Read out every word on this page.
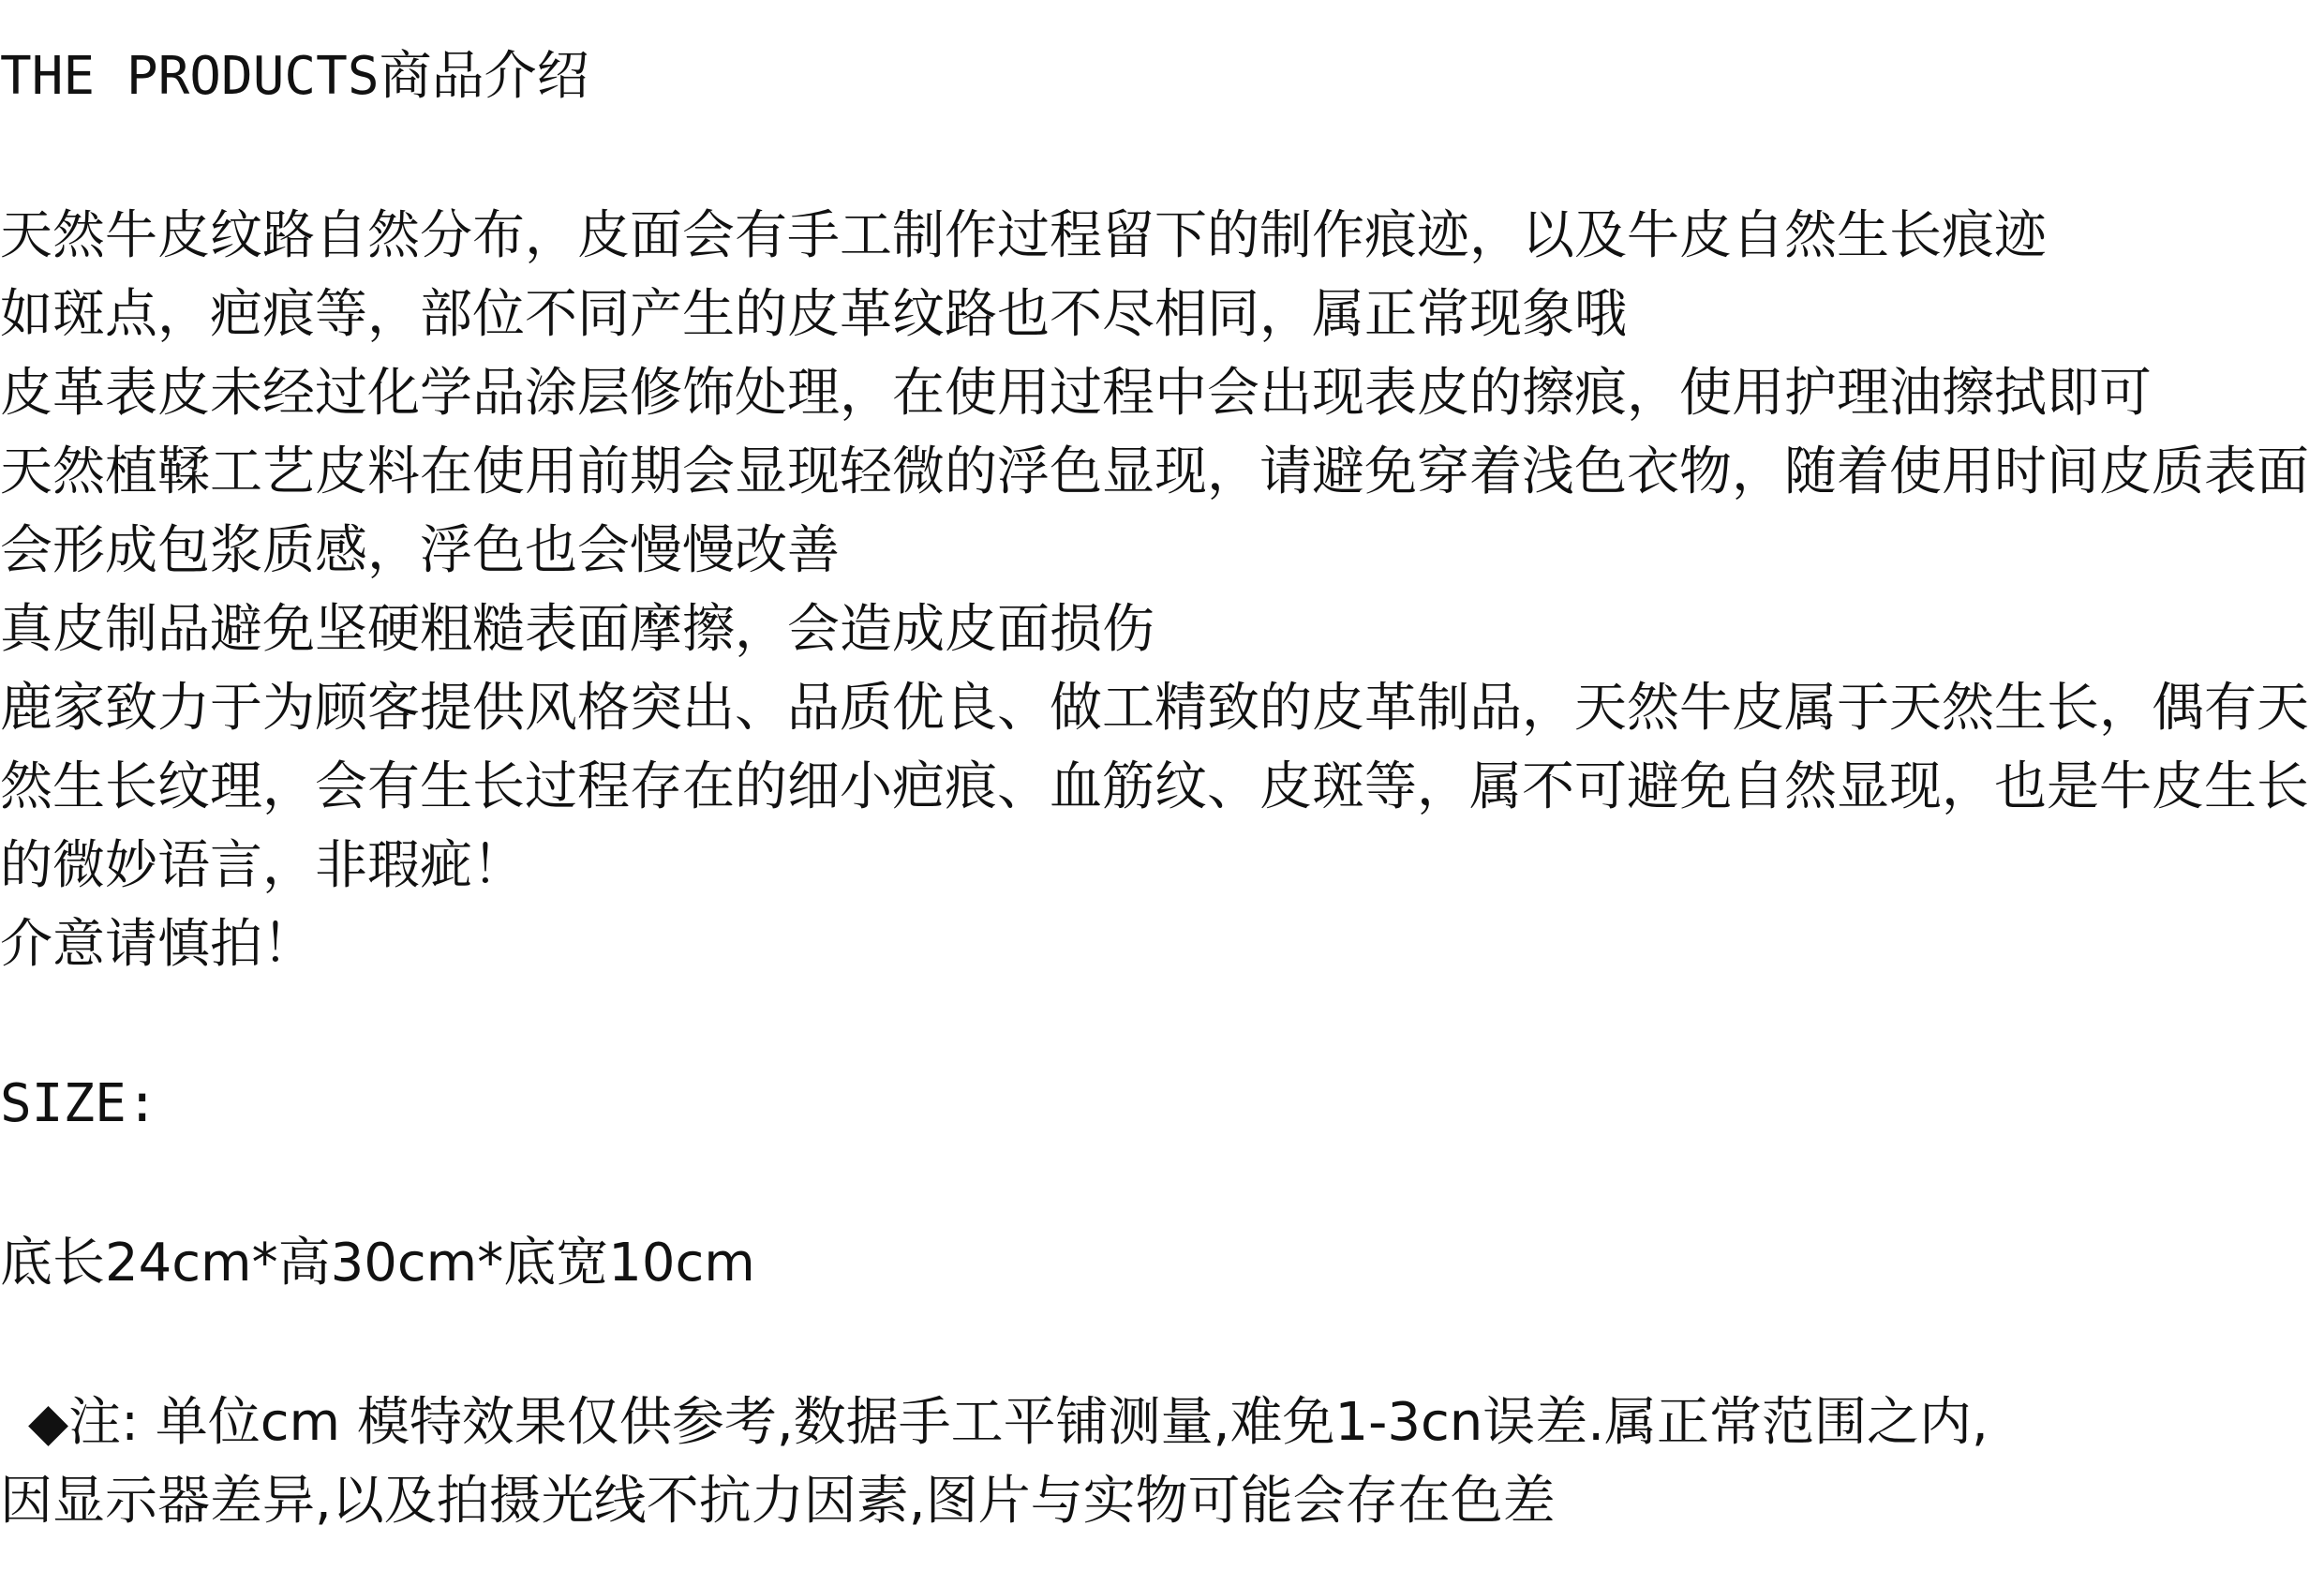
THE PRODUCTS商品介绍

天然牛皮纹路自然分布，皮面会有手工制作过程留下的制作痕迹，以及牛皮自然生长痕迹

如斑点，疤痕等，部位不同产生的皮革纹路也不尽相同，属正常现象哦

皮革表皮未经过化学品涂层修饰处理，在使用过程中会出现表皮的擦痕，使用护理油擦拭即可

天然植鞣工艺皮料在使用前期会显现轻微的浮色显现，请避免穿着浅色衣物，随着使用时间皮质表面

会形成包浆质感，浮色也会慢慢改善

真皮制品避免坚硬粗糙表面摩擦，会造成皮面损伤

鹿家致力于为顾客提供风格突出、品质优良、做工精致的皮革制品，天然牛皮属于天然生长，偶有天

然生长纹理，会有生长过程存在的细小疤痕、血筋纹、皮斑等，属不可避免自然显现，也是牛皮生长

的微妙语言，非瑕疵！

介意请慎拍！

SIZE:

底长24cm*高30cm*底宽10cm

◆注: 单位cm 模特效果仅供参考,数据手工平铺测量,难免1-3cn误差.属正常范围之内,

因显示器差异,以及拍摄光线不抗力因素,图片与实物可能会存在色差
